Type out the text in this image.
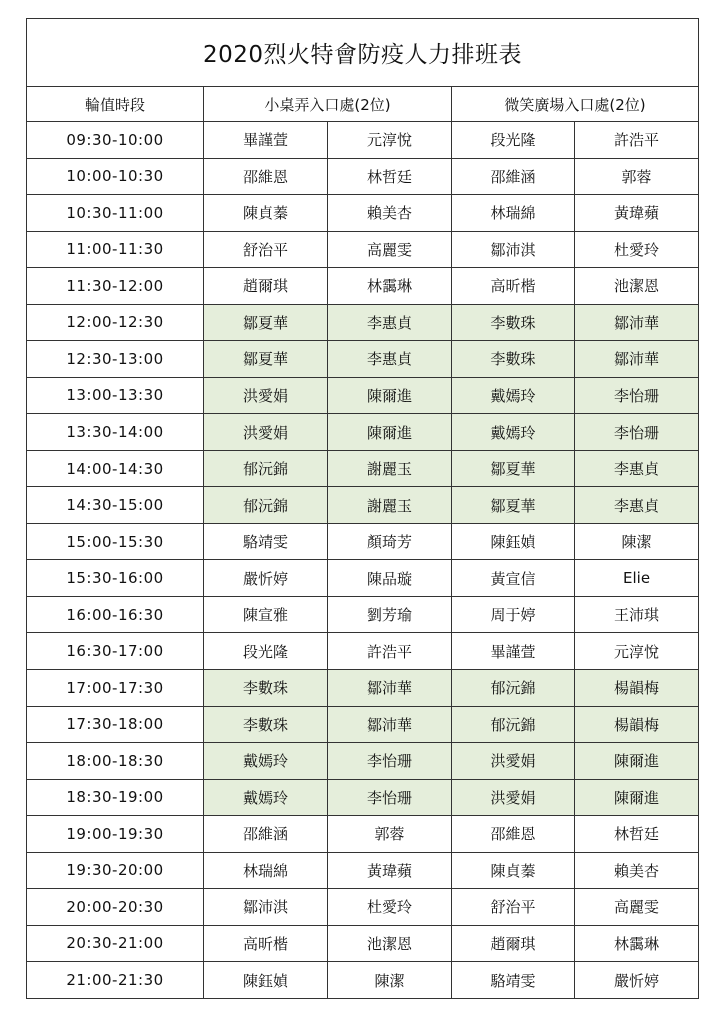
2020烈火特會防疫人力排班表				
輪值時段	小桌弄入口處(2位)		微笑廣場入口處(2位)	
09:30-10:00	畢謹萱	元淳悅	段光隆	許浩平
10:00-10:30	邵維恩	林哲廷	邵維涵	郭蓉
10:30-11:00	陳貞蓁	賴美杏	林瑞綿	黃瑋蘋
11:00-11:30	舒治平	高麗雯	鄒沛淇	杜愛玲
11:30-12:00	趙爾琪	林靄琳	高昕楷	池潔恩
12:00-12:30	鄒夏華	李惠貞	李數珠	鄒沛華
12:30-13:00	鄒夏華	李惠貞	李數珠	鄒沛華
13:00-13:30	洪愛娟	陳爾進	戴嫣玲	李怡珊
13:30-14:00	洪愛娟	陳爾進	戴嫣玲	李怡珊
14:00-14:30	郁沅錦	謝麗玉	鄒夏華	李惠貞
14:30-15:00	郁沅錦	謝麗玉	鄒夏華	李惠貞
15:00-15:30	駱靖雯	顏琦芳	陳鈺媜	陳潔
15:30-16:00	嚴忻婷	陳品璇	黃宣信	Elie
16:00-16:30	陳宣雅	劉芳瑜	周于婷	王沛琪
16:30-17:00	段光隆	許浩平	畢謹萱	元淳悅
17:00-17:30	李數珠	鄒沛華	郁沅錦	楊韻梅
17:30-18:00	李數珠	鄒沛華	郁沅錦	楊韻梅
18:00-18:30	戴嫣玲	李怡珊	洪愛娟	陳爾進
18:30-19:00	戴嫣玲	李怡珊	洪愛娟	陳爾進
19:00-19:30	邵維涵	郭蓉	邵維恩	林哲廷
19:30-20:00	林瑞綿	黃瑋蘋	陳貞蓁	賴美杏
20:00-20:30	鄒沛淇	杜愛玲	舒治平	高麗雯
20:30-21:00	高昕楷	池潔恩	趙爾琪	林靄琳
21:00-21:30	陳鈺媜	陳潔	駱靖雯	嚴忻婷
